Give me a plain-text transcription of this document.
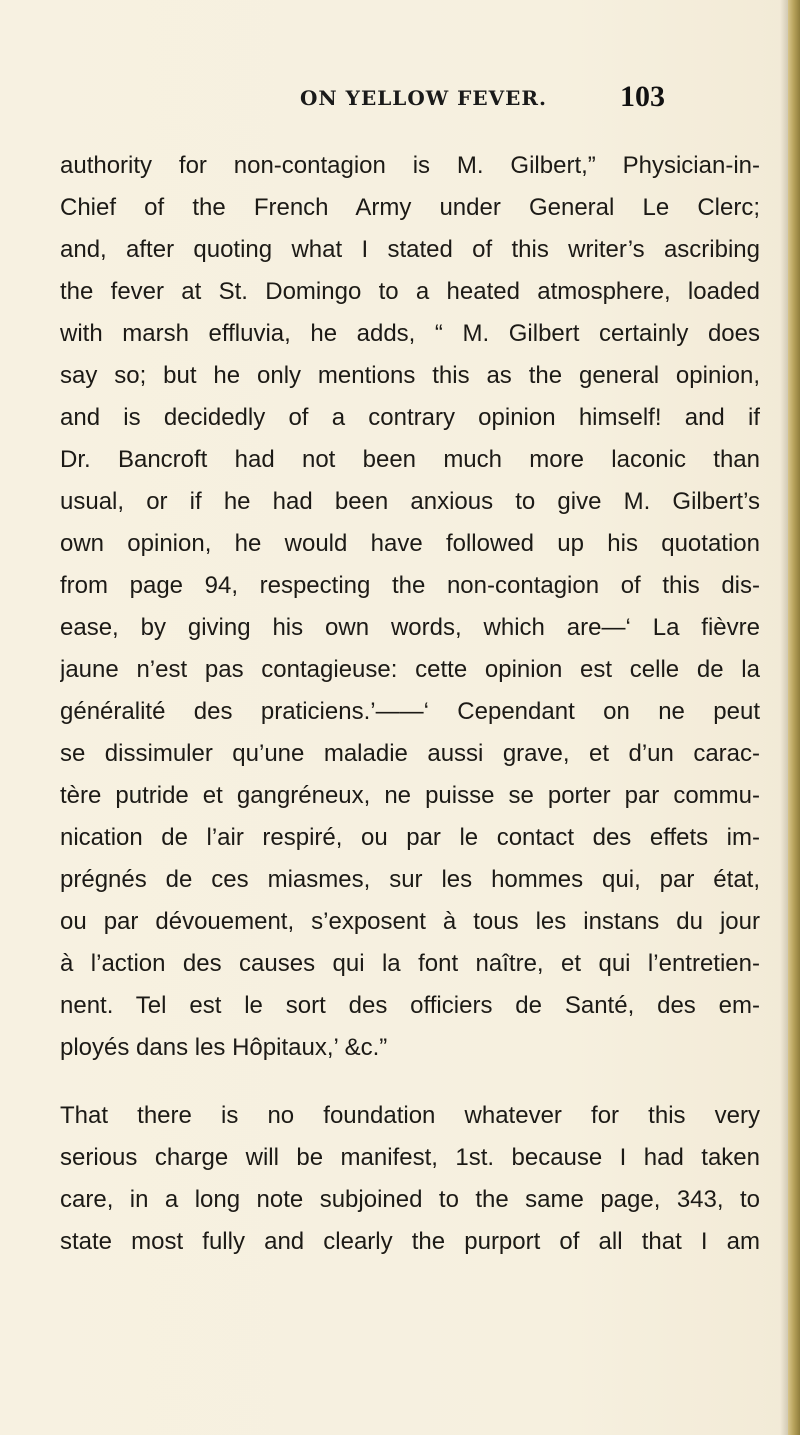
ON YELLOW FEVER. 103
authority for non-contagion is M. Gilbert,” Physician-in-
Chief of the French Army under General Le Clerc;
and, after quoting what I stated of this writer’s ascribing
the fever at St. Domingo to a heated atmosphere, loaded
with marsh effluvia, he adds, “ M. Gilbert certainly does
say so; but he only mentions this as the general opinion,
and is decidedly of a contrary opinion himself! and if
Dr. Bancroft had not been much more laconic than
usual, or if he had been anxious to give M. Gilbert’s
own opinion, he would have followed up his quotation
from page 94, respecting the non-contagion of this dis-
ease, by giving his own words, which are—‘ La fièvre
jaune n’est pas contagieuse: cette opinion est celle de la
généralité des praticiens.’——‘ Cependant on ne peut
se dissimuler qu’une maladie aussi grave, et d’un carac-
tère putride et gangréneux, ne puisse se porter par commu-
nication de l’air respiré, ou par le contact des effets im-
prégnés de ces miasmes, sur les hommes qui, par état,
ou par dévouement, s’exposent à tous les instans du jour
à l’action des causes qui la font naître, et qui l’entretien-
nent. Tel est le sort des officiers de Santé, des em-
ployés dans les Hôpitaux,’ &c.”
That there is no foundation whatever for this very
serious charge will be manifest, 1st. because I had taken
care, in a long note subjoined to the same page, 343, to
state most fully and clearly the purport of all that I am
